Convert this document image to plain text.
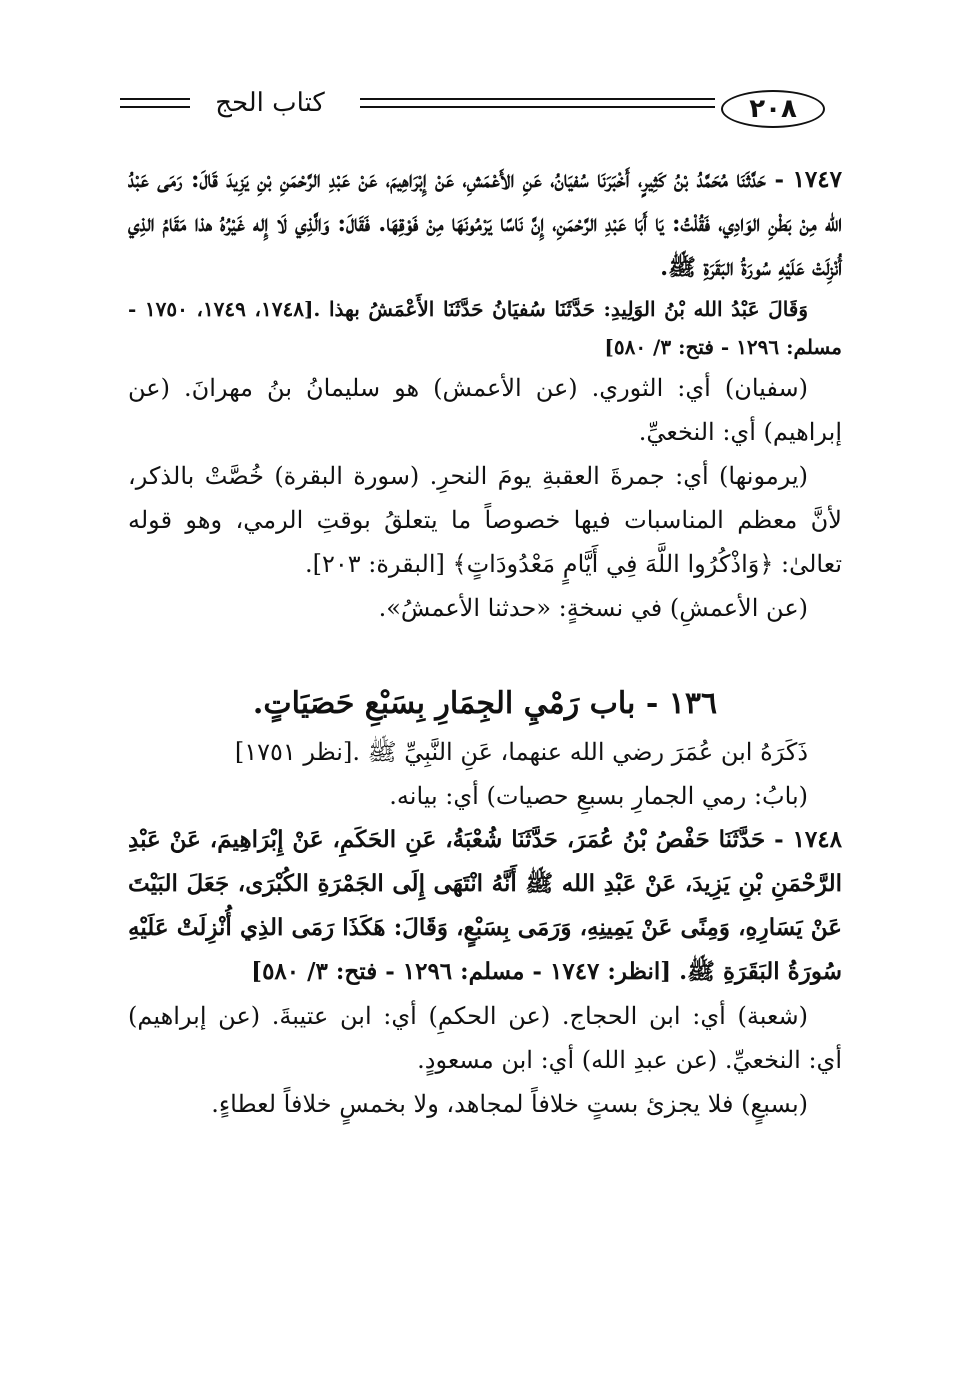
كتاب الحج	٢٠٨

١٧٤٧ - حَدَّثَنَا مُحَمَّدُ بْنُ كَثِيرٍ، أَخْبَرَنَا سُفيَانُ، عَنِ الأَعْمَشِ، عَنْ إِبْرَاهِيمَ، عَنْ عَبْدِ الرَّحْمَنِ بْنِ يَزِيدَ قَالَ: رَمَى عَبْدُ الله مِنْ بَطْنِ الوَادِي، فَقُلْتُ: يَا أَبَا عَبْدِ الرَّحْمَنِ، إِنَّ نَاسًا يَرْمُونَهَا مِنْ فَوْقِهَا. فَقَالَ: وَالَّذِي لَا إِله غَيْرُهُ هذا مَقَامُ الذِي أُنْزِلَتْ عَلَيْهِ سُورَةُ البَقَرَةِ ﷺ.

وَقَالَ عَبْدُ الله بْنُ الوَلِيدِ: حَدَّثَنَا سُفيَانُ حَدَّثَنَا الأَعْمَشُ بهذا .[١٧٤٨، ١٧٤٩، ١٧٥٠ - مسلم: ١٢٩٦ - فتح: ٣/ ٥٨٠]

(سفيان) أي: الثوري. (عن الأعمش) هو سليمانُ بنُ مهرانَ. (عن إبراهيم) أي: النخعيِّ.

(يرمونها) أي: جمرةَ العقبةِ يومَ النحرِ. (سورة البقرة) خُصَّتْ بالذكر، لأنَّ معظم المناسبات فيها خصوصاً ما يتعلقُ بوقتِ الرمي، وهو قوله تعالىٰ: ﴿وَاذْكُرُوا اللَّهَ فِي أَيَّامٍ مَعْدُودَاتٍ﴾ [البقرة: ٢٠٣].

(عن الأعمشِ) في نسخةٍ: «حدثنا الأعمشُ».

١٣٦ - باب رَمْيِ الجِمَارِ بِسَبْعِ حَصَيَاتٍ.

ذَكَرَهُ ابن عُمَرَ رضي الله عنهما، عَنِ النَّبِيِّ ﷺ .[نظر ١٧٥١]

(بابُ: رمي الجمارِ بسبعِ حصيات) أي: بيانه.

١٧٤٨ - حَدَّثَنَا حَفْصُ بْنُ عُمَرَ، حَدَّثَنَا شُعْبَةُ، عَنِ الحَكَمِ، عَنْ إِبْرَاهِيمَ، عَنْ عَبْدِ الرَّحْمَنِ بْنِ يَزِيدَ، عَنْ عَبْدِ الله ﷺ أَنَّهُ انْتَهَى إِلَى الجَمْرَةِ الكُبْرَى، جَعَلَ البَيْتَ عَنْ يَسَارِهِ، وَمِنًى عَنْ يَمِينِهِ، وَرَمَى بِسَبْعٍ، وَقَالَ: هَكَذَا رَمَى الذِي أُنْزِلَتْ عَلَيْهِ سُورَةُ البَقَرَةِ ﷺ. [انظر: ١٧٤٧ - مسلم: ١٢٩٦ - فتح: ٣/ ٥٨٠]

(شعبة) أي: ابن الحجاج. (عن الحكمِ) أي: ابن عتيبةَ. (عن إبراهيم) أي: النخعيِّ. (عن عبدِ الله) أي: ابن مسعودٍ.

(بسبعٍ) فلا يجزئ بستٍ خلافاً لمجاهد، ولا بخمسٍ خلافاً لعطاءٍ.
